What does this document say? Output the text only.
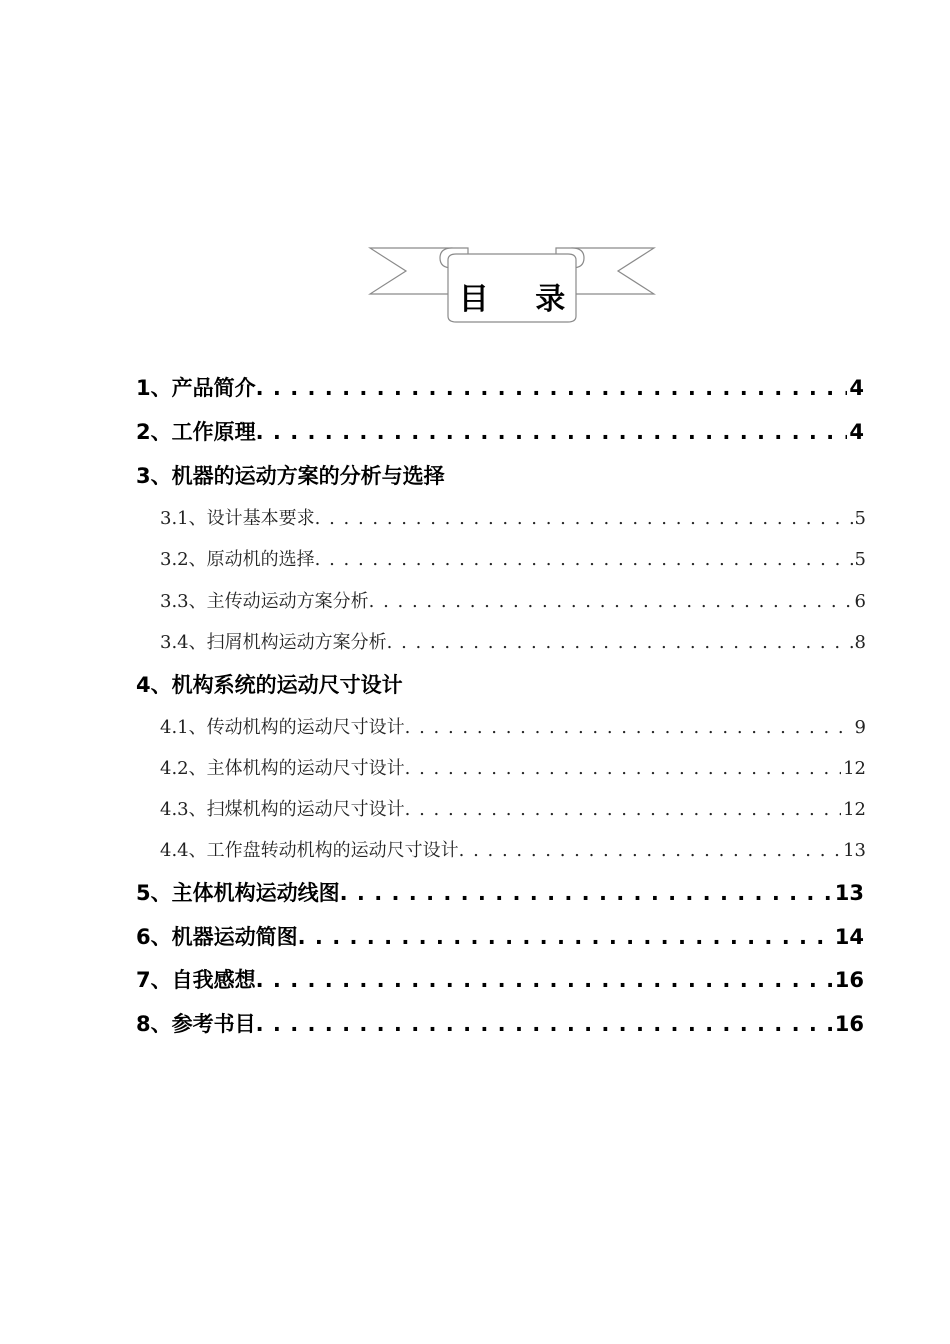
目 录
1、产品简介 . . .	4
2、工作原理 . . .	4
3、机器的运动方案的分析与选择
3.1、设计基本要求 . . .	5
3.2、原动机的选择 . . .	5
3.3、主传动运动方案分析 . . .	6
3.4、扫屑机构运动方案分析 . . .	8
4、机构系统的运动尺寸设计
4.1、传动机构的运动尺寸设计 . . .	9
4.2、主体机构的运动尺寸设计 . . .	12
4.3、扫煤机构的运动尺寸设计 . . .	12
4.4、工作盘转动机构的运动尺寸设计 . . .	13
5、主体机构运动线图 . . .	13
6、机器运动简图 . . .	14
7、自我感想 . . .	16
8、参考书目 . . .	16
